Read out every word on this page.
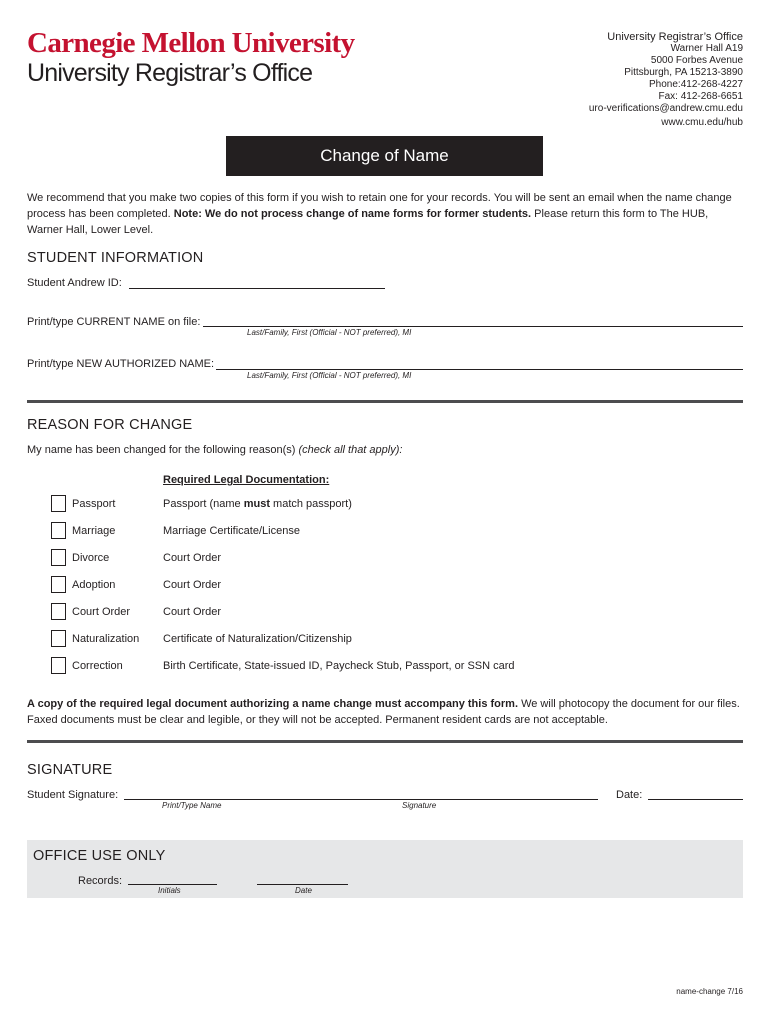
Carnegie Mellon University
University Registrar’s Office
University Registrar’s Office
Warner Hall A19
5000 Forbes Avenue
Pittsburgh, PA 15213-3890
Phone:412-268-4227
Fax: 412-268-6651
uro-verifications@andrew.cmu.edu
www.cmu.edu/hub
Change of Name
We recommend that you make two copies of this form if you wish to retain one for your records. You will be sent an email when the name change process has been completed. Note: We do not process change of name forms for former students. Please return this form to The HUB, Warner Hall, Lower Level.
STUDENT INFORMATION
Student Andrew ID:
Print/type CURRENT NAME on file:
Last/Family, First (Official - NOT preferred), MI
Print/type NEW AUTHORIZED NAME:
Last/Family, First (Official - NOT preferred), MI
REASON FOR CHANGE
My name has been changed for the following reason(s) (check all that apply):
Required Legal Documentation:
Passport	Passport (name must match passport)
Marriage	Marriage Certificate/License
Divorce	Court Order
Adoption	Court Order
Court Order	Court Order
Naturalization Certificate of Naturalization/Citizenship
Correction	Birth Certificate, State-issued ID, Paycheck Stub, Passport, or SSN card
A copy of the required legal document authorizing a name change must accompany this form. We will photocopy the document for our files. Faxed documents must be clear and legible, or they will not be accepted. Permanent resident cards are not acceptable.
SIGNATURE
Student Signature:
Print/Type Name	Signature
Date:
OFFICE USE ONLY
Records:
Initials	Date
name-change 7/16
